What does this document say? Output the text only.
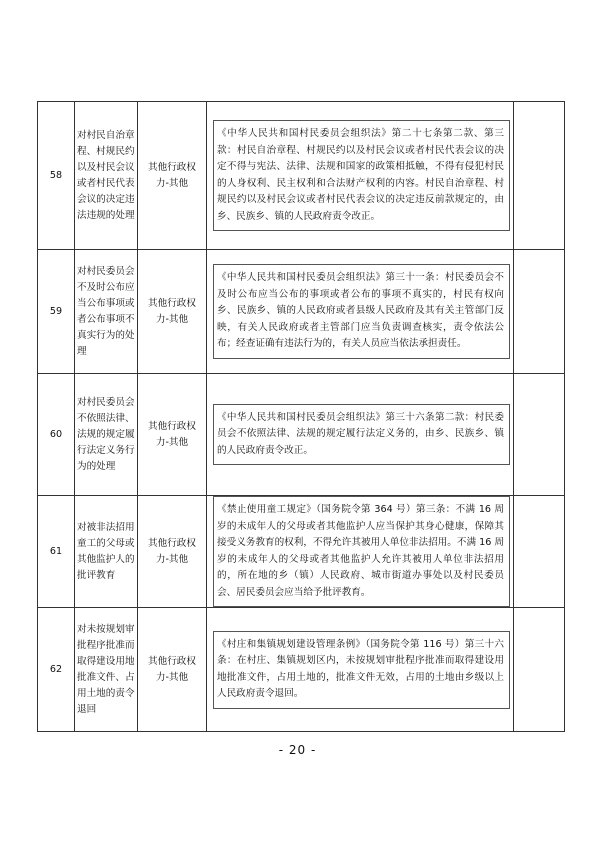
58	对村民自治章程、村规民约以及村民会议或者村民代表会议的决定违法违规的处理	其他行政权力-其他	《中华人民共和国村民委员会组织法》第二十七条第二款、第三款：村民自治章程、村规民约以及村民会议或者村民代表会议的决定不得与宪法、法律、法规和国家的政策相抵触，不得有侵犯村民的人身权利、民主权利和合法财产权利的内容。村民自治章程、村规民约以及村民会议或者村民代表会议的决定违反前款规定的，由乡、民族乡、镇的人民政府责令改正。	

59	对村民委员会不及时公布应当公布事项或者公布事项不真实行为的处理	其他行政权力-其他	《中华人民共和国村民委员会组织法》第三十一条：村民委员会不及时公布应当公布的事项或者公布的事项不真实的，村民有权向乡、民族乡、镇的人民政府或者县级人民政府及其有关主管部门反映，有关人民政府或者主管部门应当负责调查核实，责令依法公布；经查证确有违法行为的，有关人员应当依法承担责任。	

60	对村民委员会不依照法律、法规的规定履行法定义务行为的处理	其他行政权力-其他	《中华人民共和国村民委员会组织法》第三十六条第二款：村民委员会不依照法律、法规的规定履行法定义务的，由乡、民族乡、镇的人民政府责令改正。	

61	对被非法招用童工的父母或其他监护人的批评教育	其他行政权力-其他	《禁止使用童工规定》（国务院令第 364 号）第三条：不满 16 周岁的未成年人的父母或者其他监护人应当保护其身心健康，保障其接受义务教育的权利，不得允许其被用人单位非法招用。不满 16 周岁的未成年人的父母或者其他监护人允许其被用人单位非法招用的，所在地的乡（镇）人民政府、城市街道办事处以及村民委员会、居民委员会应当给予批评教育。	

62	对未按规划审批程序批准而取得建设用地批准文件、占用土地的责令退回	其他行政权力-其他	《村庄和集镇规划建设管理条例》（国务院令第 116 号）第三十六条：在村庄、集镇规划区内，未按规划审批程序批准而取得建设用地批准文件，占用土地的，批准文件无效，占用的土地由乡级以上人民政府责令退回。	

- 20 -
